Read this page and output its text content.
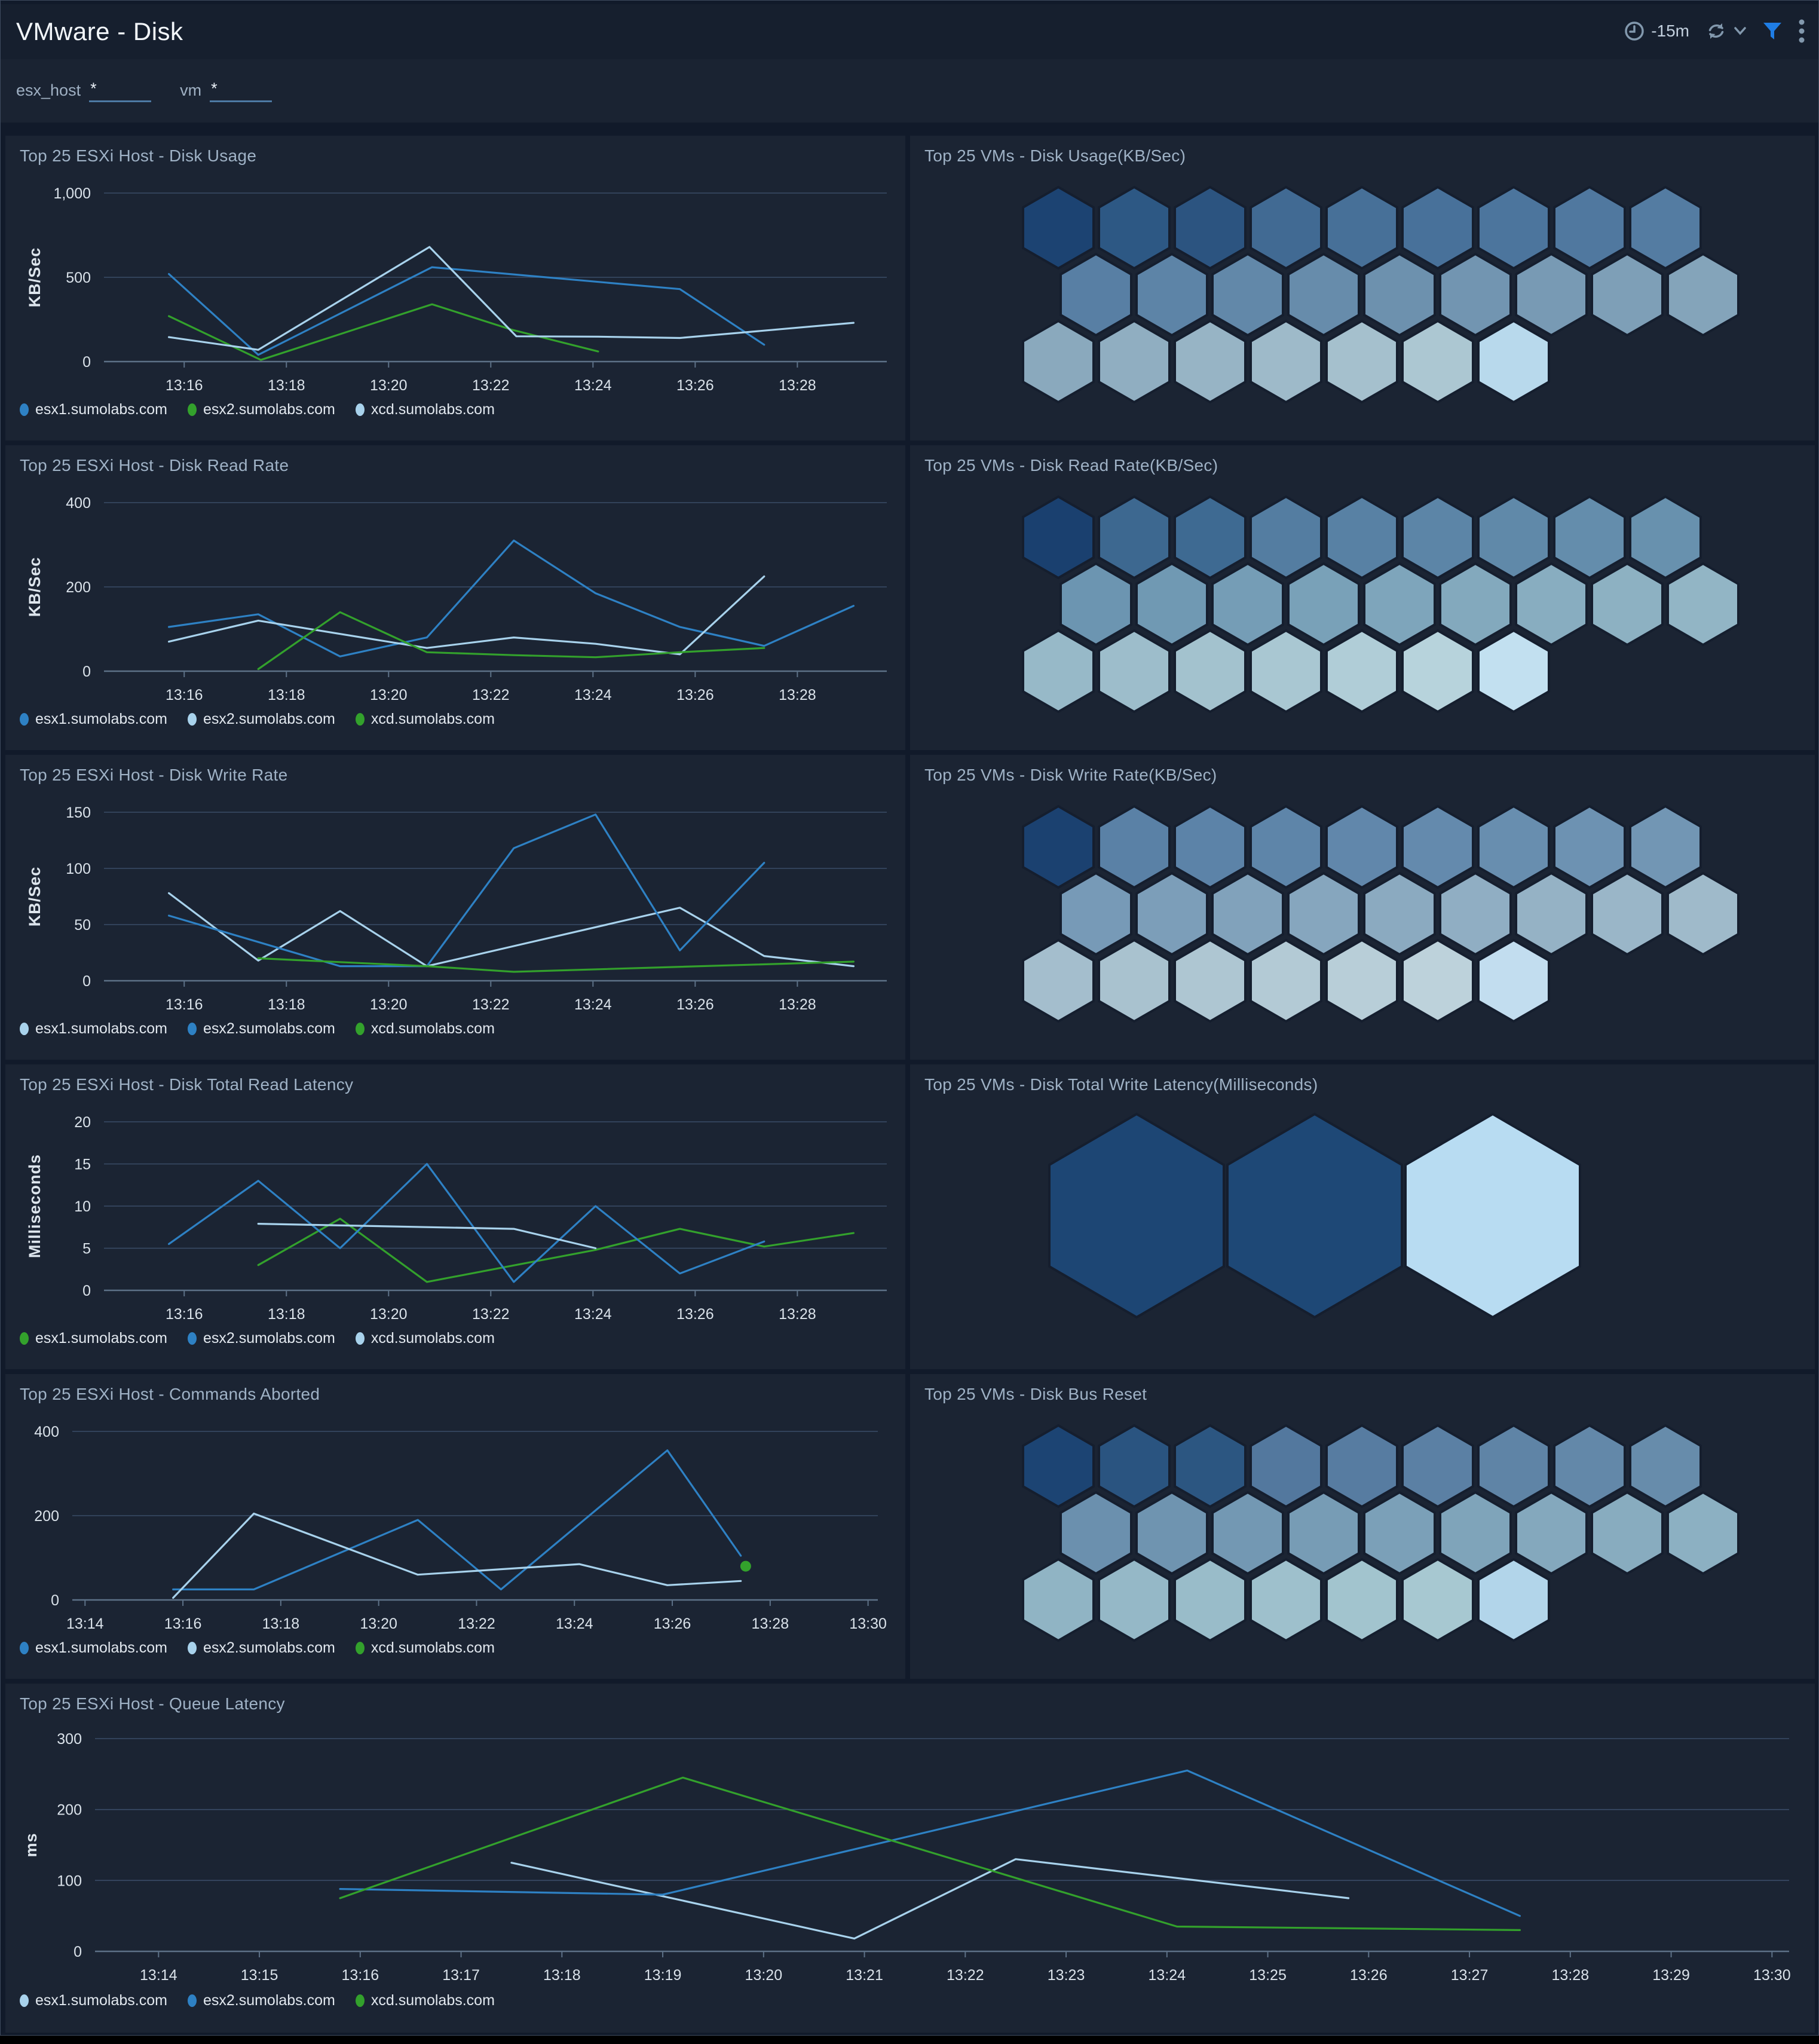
VMware - Disk	-15m
esx_host *	vm *
Top 25 ESXi Host - Disk Usage
0
500
1,000
13:16	13:18	13:20	13:22	13:24	13:26	13:28
KB/Sec
esx1.sumolabs.com esx2.sumolabs.com xcd.sumolabs.com
Top 25 VMs - Disk Usage(KB/Sec)
Top 25 ESXi Host - Disk Read Rate
0
200
400
13:16	13:18	13:20	13:22	13:24	13:26	13:28
KB/Sec
esx1.sumolabs.com esx2.sumolabs.com xcd.sumolabs.com
Top 25 VMs - Disk Read Rate(KB/Sec)
Top 25 ESXi Host - Disk Write Rate
0
50
100
150
13:16	13:18	13:20	13:22	13:24	13:26	13:28
KB/Sec
esx1.sumolabs.com esx2.sumolabs.com xcd.sumolabs.com
Top 25 VMs - Disk Write Rate(KB/Sec)
Top 25 ESXi Host - Disk Total Read Latency
0
5
10
15
20
13:16	13:18	13:20	13:22	13:24	13:26	13:28
Milliseconds
esx1.sumolabs.com esx2.sumolabs.com xcd.sumolabs.com
Top 25 VMs - Disk Total Write Latency(Milliseconds)
Top 25 ESXi Host - Commands Aborted
0
200
400
13:14	13:16	13:18	13:20	13:22	13:24	13:26	13:28	13:30
esx1.sumolabs.com esx2.sumolabs.com xcd.sumolabs.com
Top 25 VMs - Disk Bus Reset
Top 25 ESXi Host - Queue Latency
0
100
200
300
13:14	13:15	13:16	13:17	13:18	13:19	13:20	13:21	13:22	13:23	13:24	13:25	13:26	13:27	13:28	13:29	13:30
ms
esx1.sumolabs.com esx2.sumolabs.com xcd.sumolabs.com
